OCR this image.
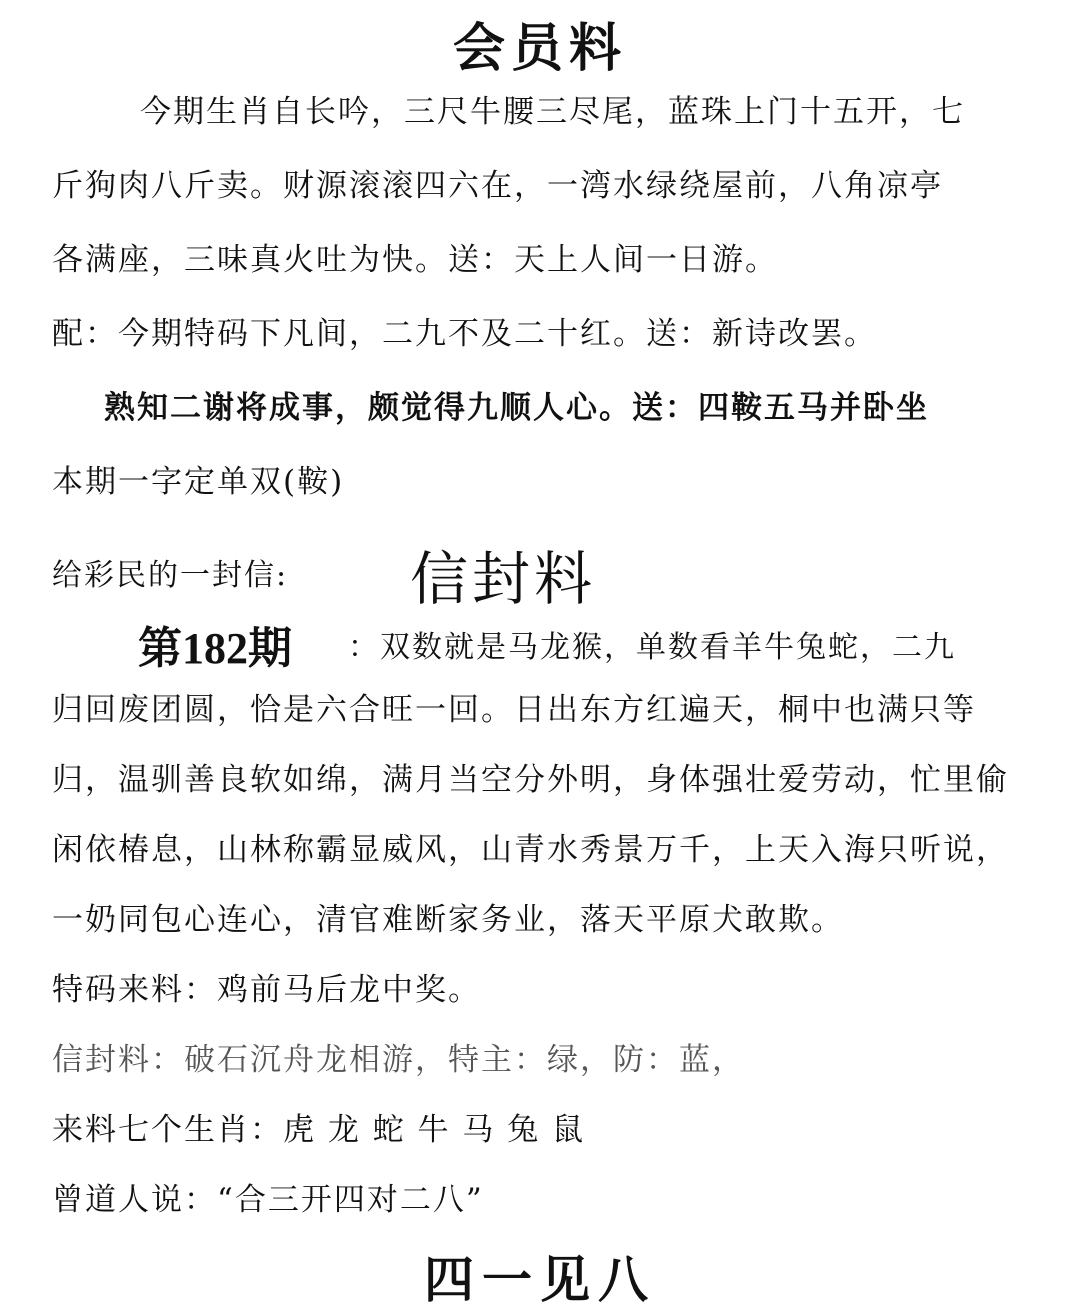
会员料
今期生肖自长吟，三尺牛腰三尽尾，蓝珠上门十五开，七
斤狗肉八斤卖。财源滚滚四六在，一湾水绿绕屋前，八角凉亭
各满座，三味真火吐为快。送：天上人间一日游。
配：今期特码下凡间，二九不及二十红。送：新诗改罢。
熟知二谢将成事，颇觉得九顺人心。送：四鞍五马并卧坐
本期一字定单双(鞍)
给彩民的一封信: 信封料
第182期 ：双数就是马龙猴，单数看羊牛兔蛇，二九
归回废团圆，恰是六合旺一回。日出东方红遍天，桐中也满只等
归，温驯善良软如绵，满月当空分外明，身体强壮爱劳动，忙里偷
闲依椿息，山林称霸显威风，山青水秀景万千，上天入海只听说，
一奶同包心连心，清官难断家务业，落天平原犬敢欺。
特码来料：鸡前马后龙中奖。
信封料：破石沉舟龙相游，特主：绿，防：蓝，
来料七个生肖：虎 龙 蛇 牛 马 兔 鼠
曾道人说：“合三开四对二八”
四一见八
